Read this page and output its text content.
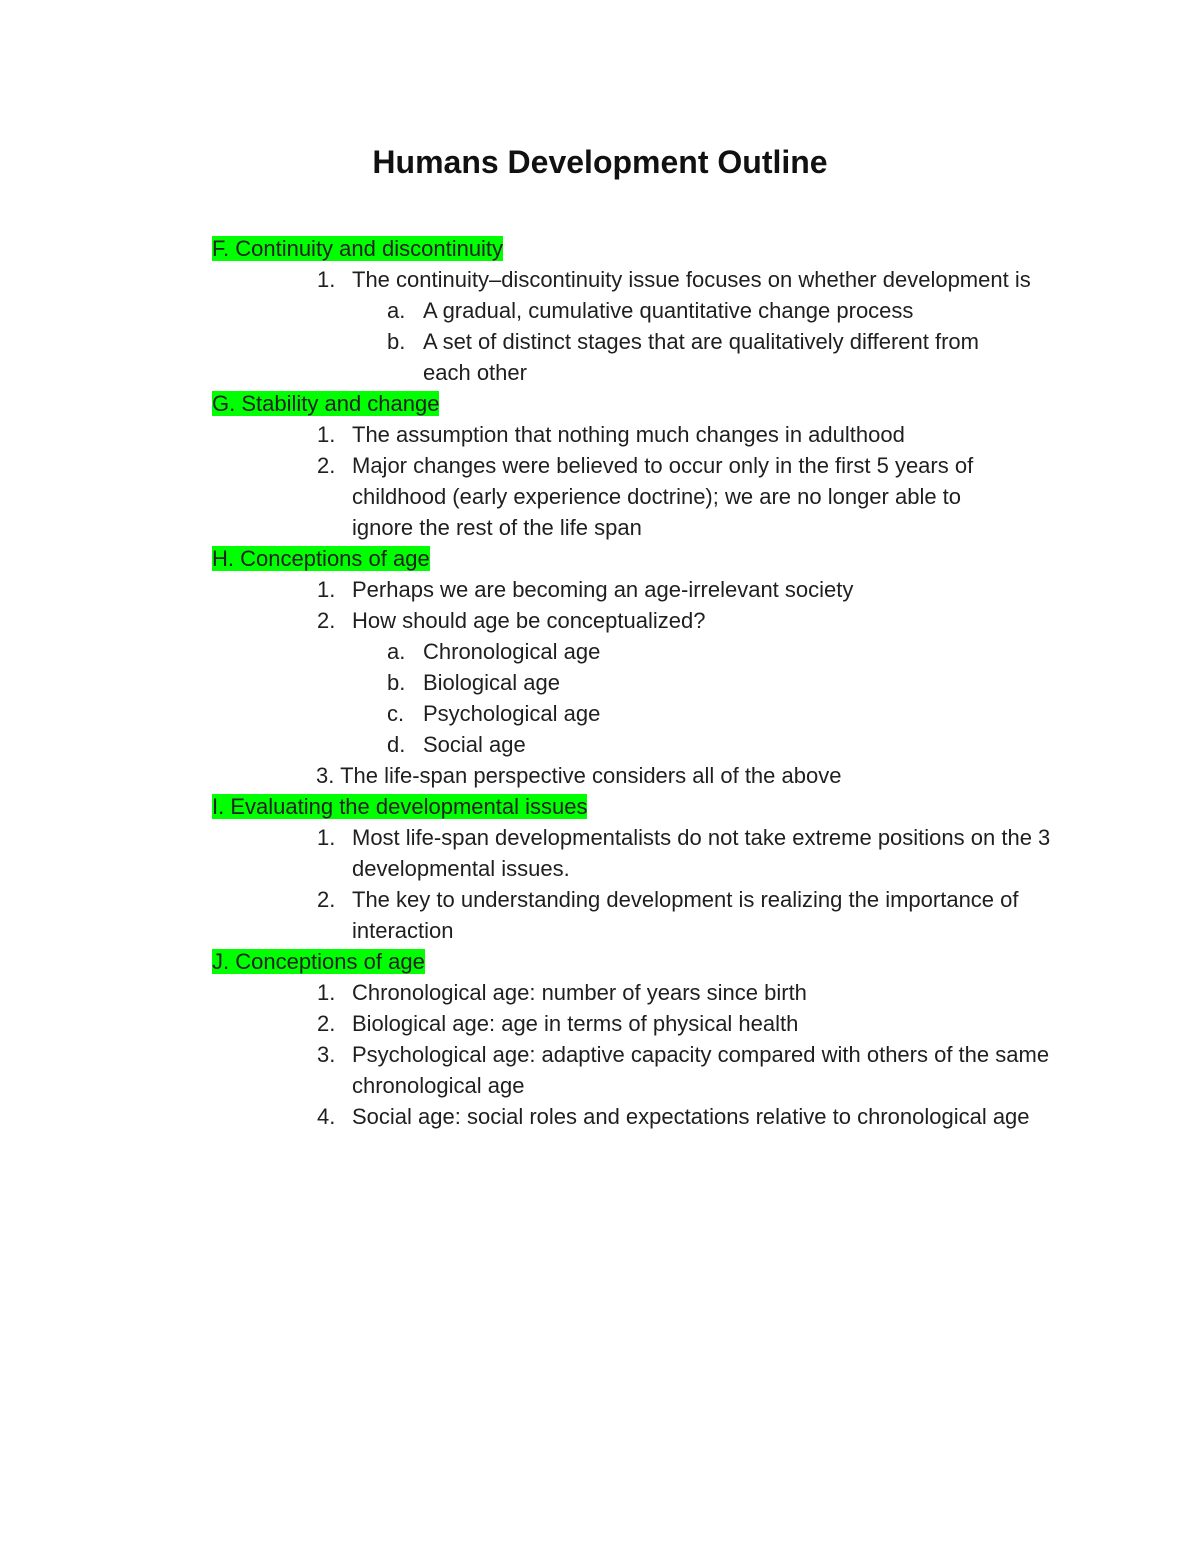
Humans Development Outline
F. Continuity and discontinuity
1. The continuity–discontinuity issue focuses on whether development is
a. A gradual, cumulative quantitative change process
b. A set of distinct stages that are qualitatively different from each other
G. Stability and change
1. The assumption that nothing much changes in adulthood
2. Major changes were believed to occur only in the first 5 years of childhood (early experience doctrine); we are no longer able to ignore the rest of the life span
H. Conceptions of age
1. Perhaps we are becoming an age-irrelevant society
2. How should age be conceptualized?
a. Chronological age
b. Biological age
c. Psychological age
d. Social age
3. The life-span perspective considers all of the above
I. Evaluating the developmental issues
1. Most life-span developmentalists do not take extreme positions on the 3 developmental issues.
2. The key to understanding development is realizing the importance of interaction
J. Conceptions of age
1. Chronological age: number of years since birth
2. Biological age: age in terms of physical health
3. Psychological age: adaptive capacity compared with others of the same chronological age
4. Social age: social roles and expectations relative to chronological age
